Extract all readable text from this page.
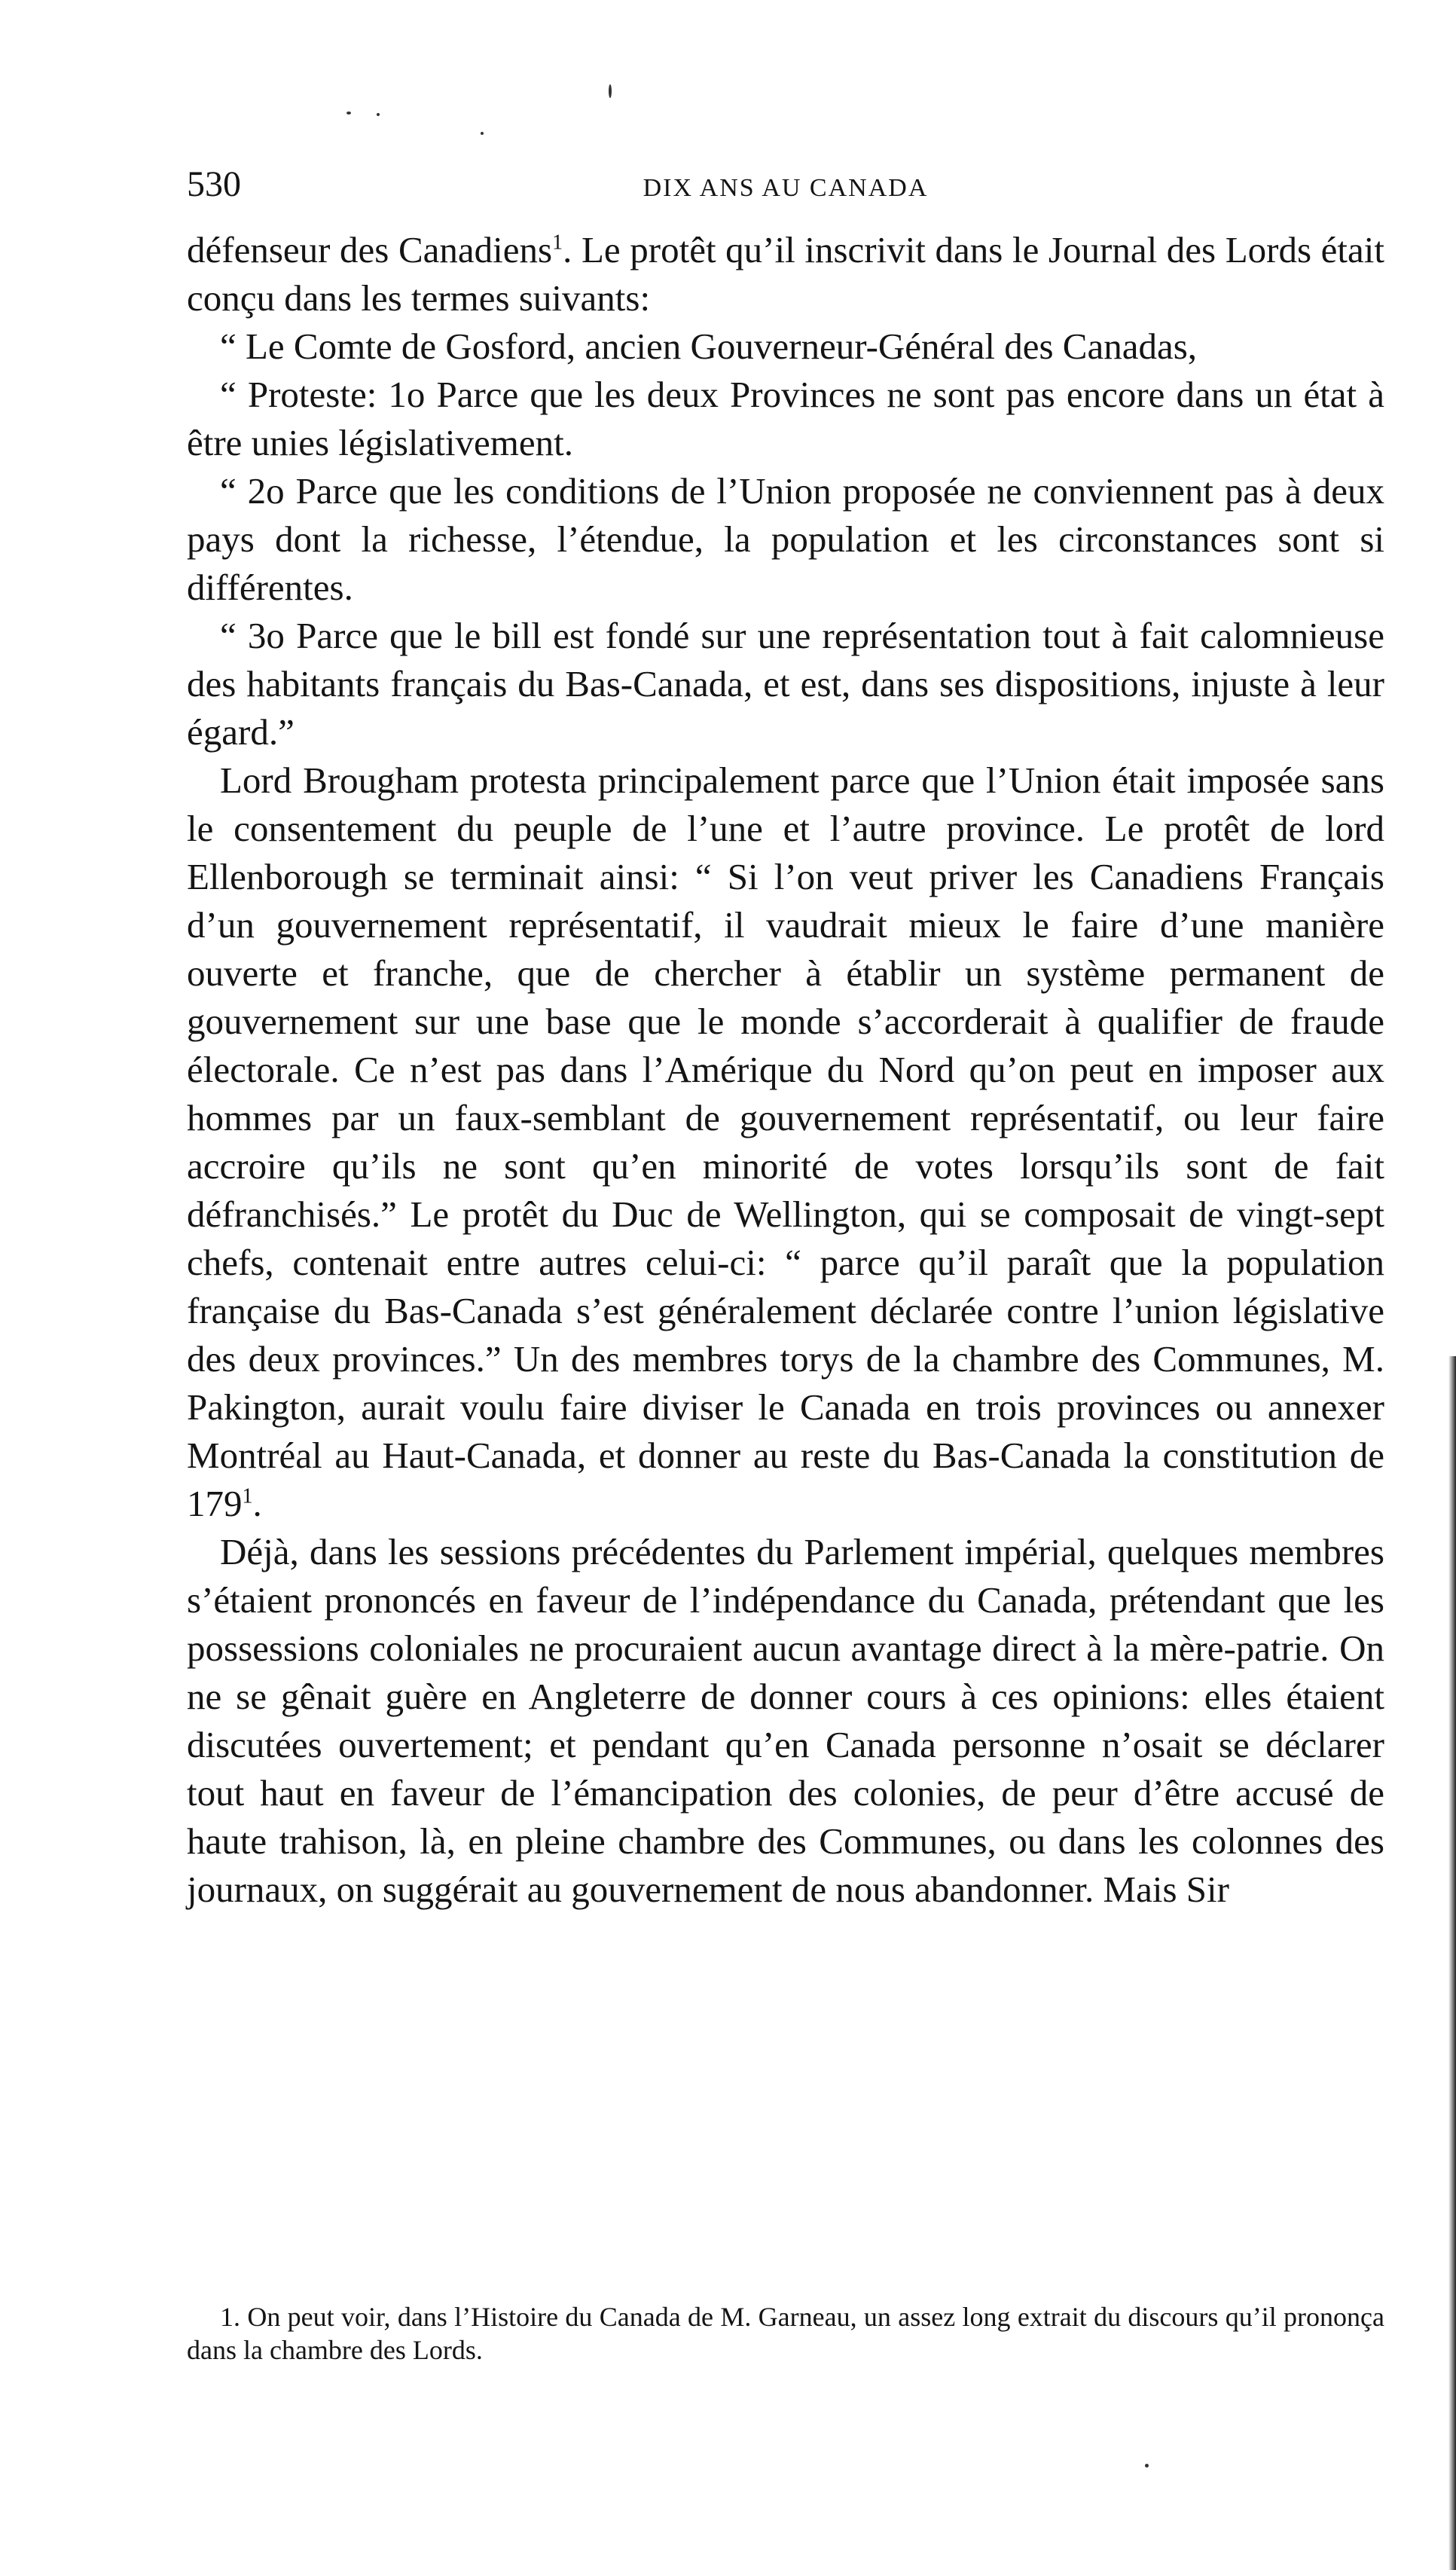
530	DIX ANS AU CANADA

défenseur des Canadiens$^1$. Le protêt qu’il inscrivit dans le Journal des Lords était conçu dans les termes suivants:

“ Le Comte de Gosford, ancien Gouverneur-Général des Canadas,

“ Proteste: 1o Parce que les deux Provinces ne sont pas encore dans un état à être unies législativement.

“ 2o Parce que les conditions de l’Union proposée ne conviennent pas à deux pays dont la richesse, l’étendue, la population et les circonstances sont si différentes.

“ 3o Parce que le bill est fondé sur une représentation tout à fait calomnieuse des habitants français du Bas-Canada, et est, dans ses dispositions, injuste à leur égard.”

Lord Brougham protesta principalement parce que l’Union était imposée sans le consentement du peuple de l’une et l’autre province. Le protêt de lord Ellenborough se terminait ainsi: “ Si l’on veut priver les Canadiens Français d’un gouvernement représentatif, il vaudrait mieux le faire d’une manière ouverte et franche, que de chercher à établir un système permanent de gouvernement sur une base que le monde s’accorderait à qualifier de fraude électorale. Ce n’est pas dans l’Amérique du Nord qu’on peut en imposer aux hommes par un faux-semblant de gouvernement représentatif, ou leur faire accroire qu’ils ne sont qu’en minorité de votes lorsqu’ils sont de fait défranchisés.” Le protêt du Duc de Wellington, qui se composait de vingt-sept chefs, contenait entre autres celui-ci: “ parce qu’il paraît que la population française du Bas-Canada s’est généralement déclarée contre l’union législative des deux provinces.” Un des membres torys de la chambre des Communes, M. Pakington, aurait voulu faire diviser le Canada en trois provinces ou annexer Montréal au Haut-Canada, et donner au reste du Bas-Canada la constitution de $179^1$.

Déjà, dans les sessions précédentes du Parlement impérial, quelques membres s’étaient prononcés en faveur de l’indépendance du Canada, prétendant que les possessions coloniales ne procuraient aucun avantage direct à la mère-patrie. On ne se gênait guère en Angleterre de donner cours à ces opinions: elles étaient discutées ouvertement; et pendant qu’en Canada personne n’osait se déclarer tout haut en faveur de l’émancipation des colonies, de peur d’être accusé de haute trahison, là, en pleine chambre des Communes, ou dans les colonnes des journaux, on suggérait au gouvernement de nous abandonner. Mais Sir

1. On peut voir, dans l’Histoire du Canada de M. Garneau, un assez long extrait du discours qu’il prononça dans la chambre des Lords.
